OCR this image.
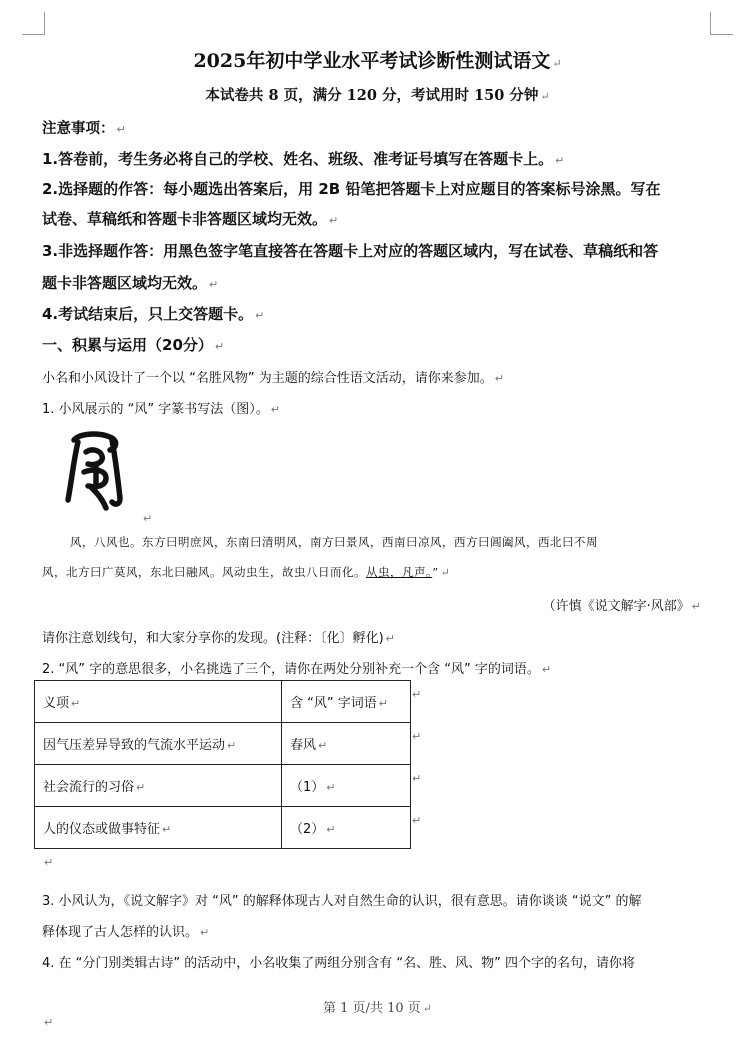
2025年初中学业水平考试诊断性测试语文 ↵
本试卷共 8 页，满分 120 分，考试用时 150 分钟 ↵
注意事项： ↵
1.答卷前，考生务必将自己的学校、姓名、班级、准考证号填写在答题卡上。 ↵
2.选择题的作答：每小题选出答案后，用 2B 铅笔把答题卡上对应题目的答案标号涂黑。写在
试卷、草稿纸和答题卡非答题区域均无效。 ↵
3.非选择题作答：用黑色签字笔直接答在答题卡上对应的答题区域内，写在试卷、草稿纸和答
题卡非答题区域均无效。 ↵
4.考试结束后，只上交答题卡。 ↵
一、积累与运用（20分） ↵
小名和小风设计了一个以 “名胜风物” 为主题的综合性语文活动，请你来参加。 ↵
1. 小风展示的 “风” 字篆书写法（图）。 ↵
↵
风，八风也。东方曰明庶风，东南曰清明风，南方曰景风，西南曰凉风，西方曰阊阖风，西北曰不周
风，北方曰广莫风，东北曰融风。风动虫生，故虫八日而化。从虫，凡声。” ↵
（许慎《说文解字·风部》 ↵
请你注意划线句，和大家分享你的发现。(注释：〔化〕孵化) ↵
2. “风” 字的意思很多，小名挑选了三个，请你在两处分别补充一个含 “风” 字的词语。 ↵
义项 ↵	含 “风” 字词语 ↵
因气压差异导致的气流水平运动 ↵	春风 ↵
社会流行的习俗 ↵	（1） ↵
人的仪态或做事特征 ↵	（2） ↵
↵
↵
↵
↵
↵
3. 小风认为，《说文解字》对 “风” 的解释体现古人对自然生命的认识，很有意思。请你谈谈 “说文” 的解
释体现了古人怎样的认识。 ↵
4. 在 “分门别类辑古诗” 的活动中，小名收集了两组分别含有 “名、胜、风、物” 四个字的名句，请你将
第 1 页/共 10 页 ↵
↵
